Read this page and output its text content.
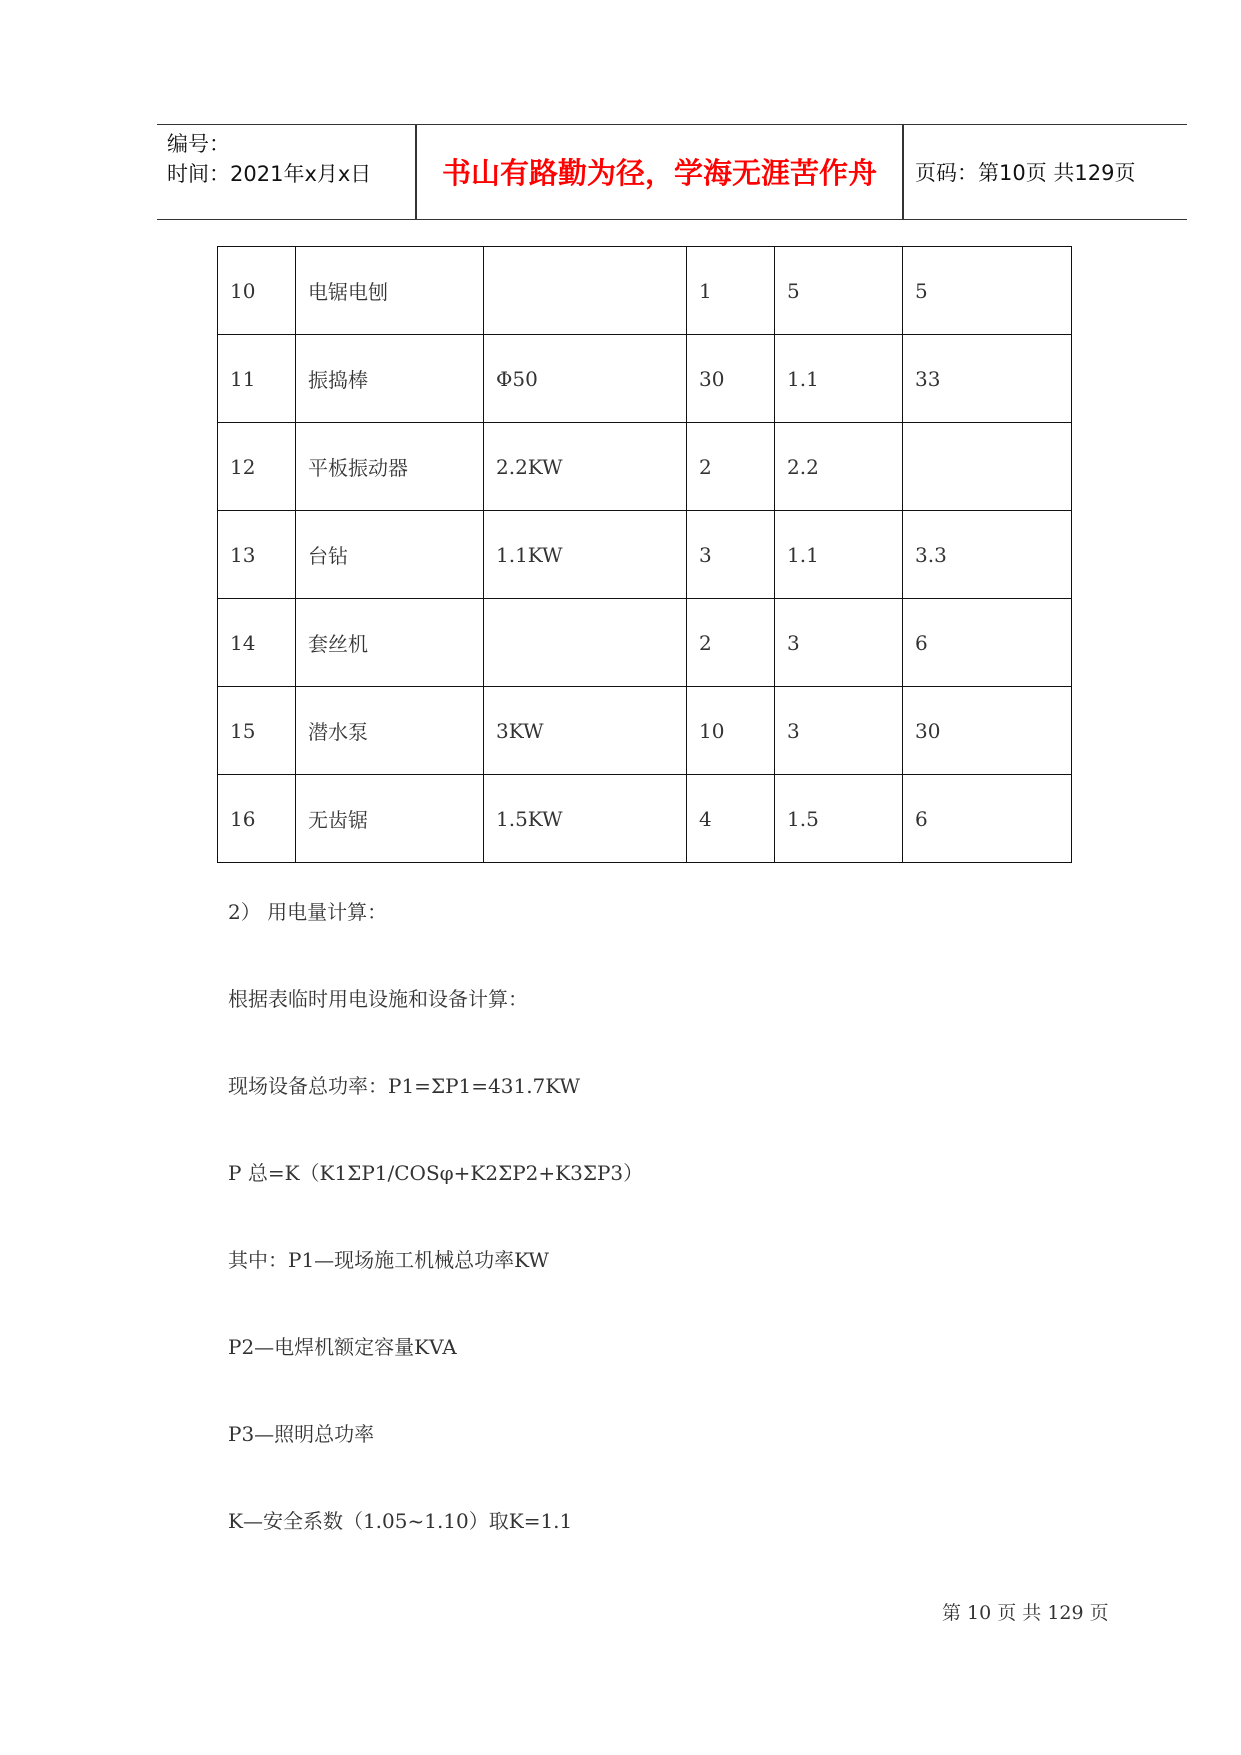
编号：
时间：2021年x月x日	书山有路勤为径，学海无涯苦作舟	页码：第10页 共129页
10	电锯电刨		1	5	5
11	振捣棒	Φ50	30	1.1	33
12	平板振动器	2.2KW	2	2.2	
13	台钻	1.1KW	3	1.1	3.3
14	套丝机		2	3	6
15	潜水泵	3KW	10	3	30
16	无齿锯	1.5KW	4	1.5	6
2） 用电量计算：
根据表临时用电设施和设备计算：
现场设备总功率：P1=ΣP1=431.7KW
P 总=K（K1ΣP1/COSφ+K2ΣP2+K3ΣP3）
其中：P1—现场施工机械总功率KW
P2—电焊机额定容量KVA
P3—照明总功率
K—安全系数（1.05~1.10）取K=1.1
第 10 页 共 129 页
